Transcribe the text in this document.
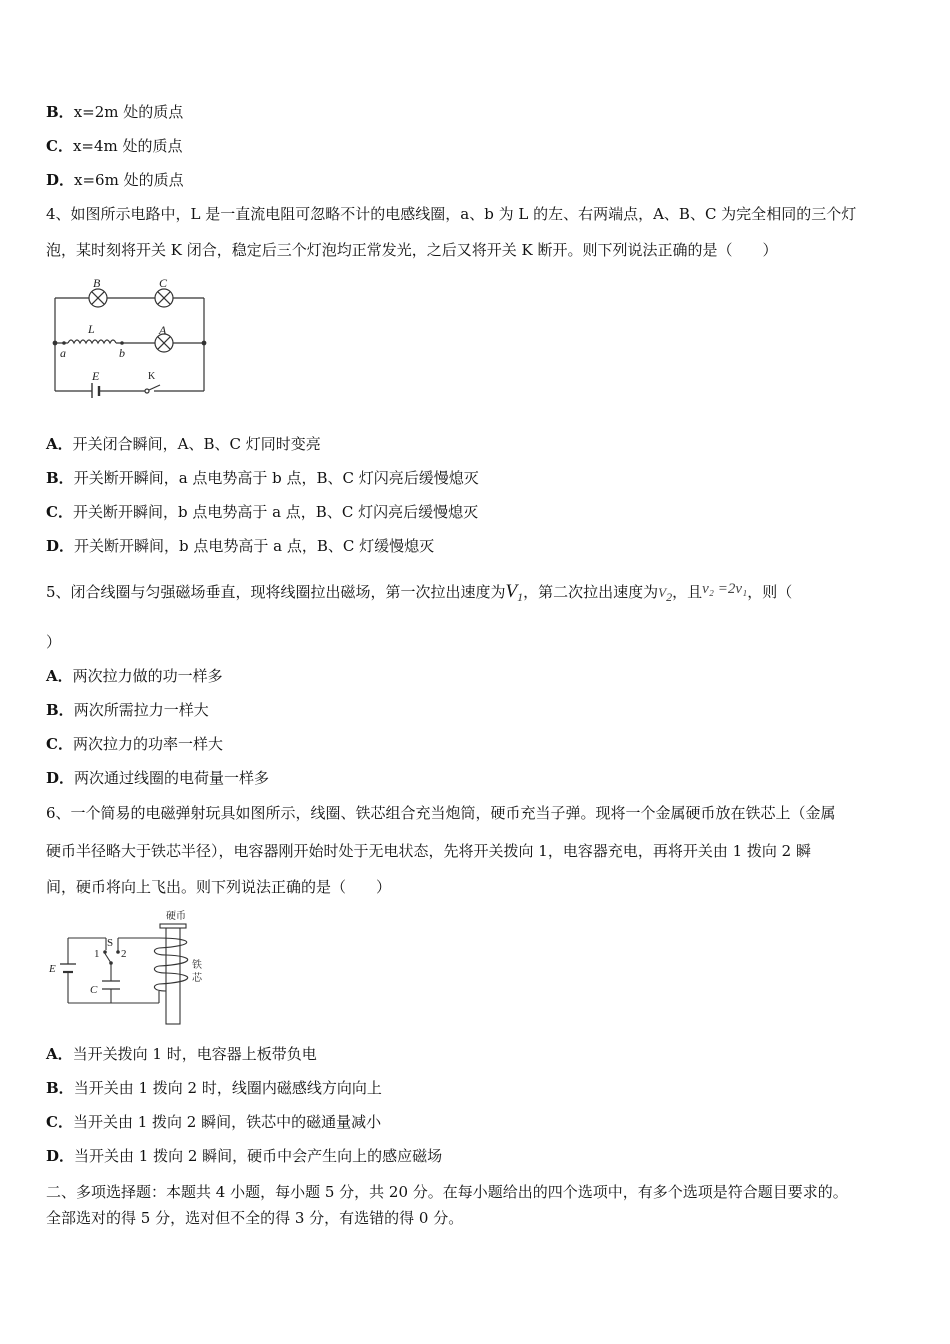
B．x=2m 处的质点
C．x=4m 处的质点
D．x=6m 处的质点
4、如图所示电路中，L 是一直流电阻可忽略不计的电感线圈，a、b 为 L 的左、右两端点，A、B、C 为完全相同的三个灯
泡，某时刻将开关 K 闭合，稳定后三个灯泡均正常发光，之后又将开关 K 断开。则下列说法正确的是（　　）
B	C
L	A
a	b
E	K
A．开关闭合瞬间，A、B、C 灯同时变亮
B．开关断开瞬间，a 点电势高于 b 点，B、C 灯闪亮后缓慢熄灭
C．开关断开瞬间，b 点电势高于 a 点，B、C 灯闪亮后缓慢熄灭
D．开关断开瞬间，b 点电势高于 a 点，B、C 灯缓慢熄灭
5、闭合线圈与匀强磁场垂直，现将线圈拉出磁场，第一次拉出速度为$V_1$，第二次拉出速度为$V_2$，且v₂ =2v₁，则（
）
A．两次拉力做的功一样多
B．两次所需拉力一样大
C．两次拉力的功率一样大
D．两次通过线圈的电荷量一样多
6、一个简易的电磁弹射玩具如图所示，线圈、铁芯组合充当炮筒，硬币充当子弹。现将一个金属硬币放在铁芯上（金属
硬币半径略大于铁芯半径），电容器刚开始时处于无电状态，先将开关拨向 1，电容器充电，再将开关由 1 拨向 2 瞬
间，硬币将向上飞出。则下列说法正确的是（　　）
硬币
铁
芯
S
1 2
E
C
A．当开关拨向 1 时，电容器上板带负电
B．当开关由 1 拨向 2 时，线圈内磁感线方向向上
C．当开关由 1 拨向 2 瞬间，铁芯中的磁通量减小
D．当开关由 1 拨向 2 瞬间，硬币中会产生向上的感应磁场
二、多项选择题：本题共 4 小题，每小题 5 分，共 20 分。在每小题给出的四个选项中，有多个选项是符合题目要求的。
全部选对的得 5 分，选对但不全的得 3 分，有选错的得 0 分。
